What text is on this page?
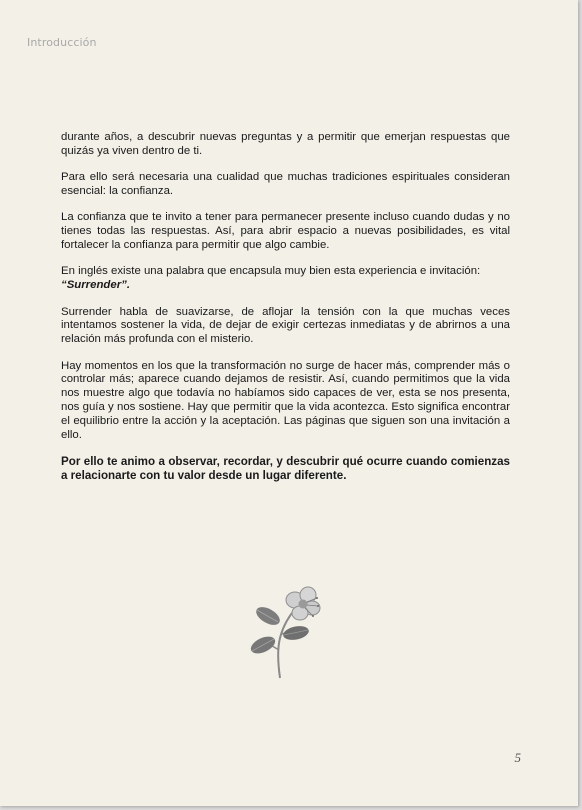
Introducción

durante años, a descubrir nuevas preguntas y a permitir que emerjan respuestas que quizás ya viven dentro de ti.

Para ello será necesaria una cualidad que muchas tradiciones espirituales consideran esencial: la confianza.

La confianza que te invito a tener para permanecer presente incluso cuando dudas y no tienes todas las respuestas. Así, para abrir espacio a nuevas posibilidades, es vital fortalecer la confianza para permitir que algo cambie.

En inglés existe una palabra que encapsula muy bien esta experiencia e invitación:
“Surrender”.

Surrender habla de suavizarse, de aflojar la tensión con la que muchas veces intentamos sostener la vida, de dejar de exigir certezas inmediatas y de abrirnos a una relación más profunda con el misterio.

Hay momentos en los que la transformación no surge de hacer más, comprender más o controlar más; aparece cuando dejamos de resistir. Así, cuando permitimos que la vida nos muestre algo que todavía no habíamos sido capaces de ver, esta se nos presenta, nos guía y nos sostiene. Hay que permitir que la vida acontezca. Esto significa encontrar el equilibrio entre la acción y la aceptación. Las páginas que siguen son una invitación a ello.

Por ello te animo a observar, recordar, y descubrir qué ocurre cuando comienzas a relacionarte con tu valor desde un lugar diferente.

5
